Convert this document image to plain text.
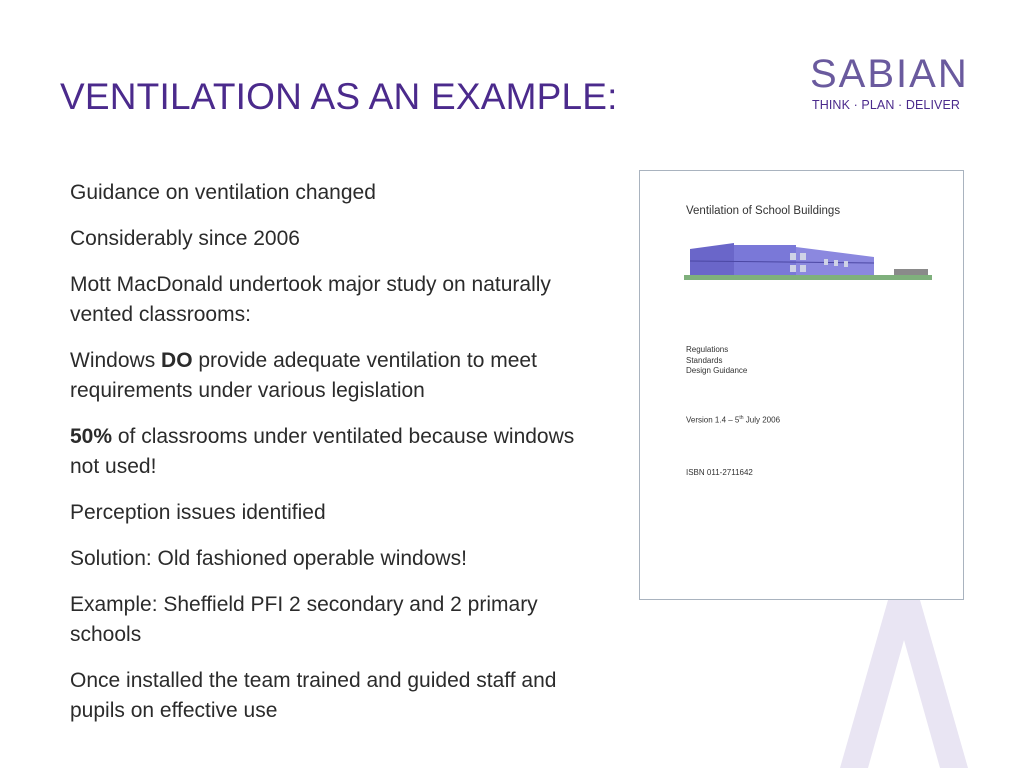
VENTILATION AS AN EXAMPLE:
SABIAN
THINK · PLAN · DELIVER
Guidance on ventilation changed
Considerably since 2006
Mott MacDonald undertook major study on naturally vented classrooms:
Windows DO provide adequate ventilation to meet requirements under various legislation
50% of classrooms under ventilated because windows not used!
Perception issues identified
Solution: Old fashioned operable windows!
Example: Sheffield PFI 2 secondary and 2 primary schools
Once installed the team trained and guided staff and pupils on effective use
Ventilation of School Buildings
Regulations
Standards
Design Guidance
Version 1.4 – 5th July 2006
ISBN 011-2711642
